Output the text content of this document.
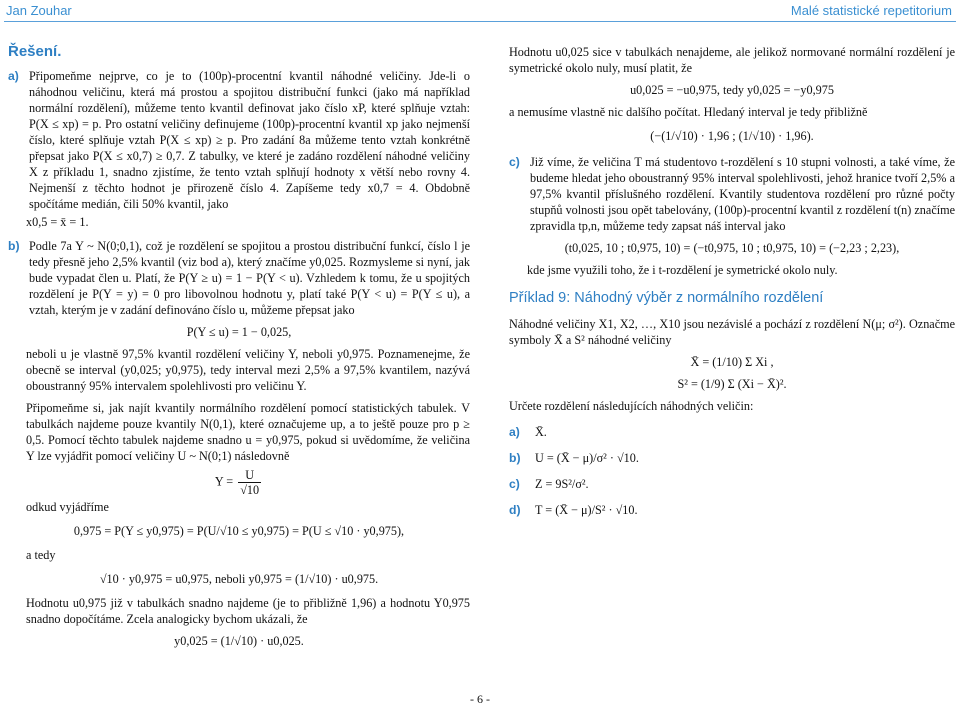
Jan Zouhar	Malé statistické repetitorium
Řešení.
a) Připomeňme nejprve, co je to (100p)-procentní kvantil náhodné veličiny. Jde-li o náhodnou veličinu, která má prostou a spojitou distribuční funkci (jako má například normální rozdělení), můžeme tento kvantil definovat jako číslo xP, které splňuje vztah: P(X ≤ xp) = p. Pro ostatní veličiny definujeme (100p)-procentní kvantil xp jako nejmenší číslo, které splňuje vztah P(X ≤ xp) ≥ p. Pro zadání 8a můžeme tento vztah konkrétně přepsat jako P(X ≤ x0,7) ≥ 0,7. Z tabulky, ve které je zadáno rozdělení náhodné veličiny X z příkladu 1, snadno zjistíme, že tento vztah splňují hodnoty x větší nebo rovny 4. Nejmenší z těchto hodnot je přirozeně číslo 4. Zapíšeme tedy x0,7 = 4. Obdobně spočítáme medián, čili 50% kvantil, jako
x0,5 = x̄ = 1.
b) Podle 7a Y ~ N(0;0,1), což je rozdělení se spojitou a prostou distribuční funkcí, číslo l je tedy přesně jeho 2,5% kvantil (viz bod a), který značíme y0,025. Rozmysleme si nyní, jak bude vypadat člen u. Platí, že P(Y ≥ u) = 1 − P(Y < u). Vzhledem k tomu, že u spojitých rozdělení je P(Y = y) = 0 pro libovolnou hodnotu y, platí také P(Y < u) = P(Y ≤ u), a vztah, kterým je v zadání definováno číslo u, můžeme přepsat jako
P(Y ≤ u) = 1 − 0,025,
neboli u je vlastně 97,5% kvantil rozdělení veličiny Y, neboli y0,975. Poznamenejme, že obecně se interval (y0,025; y0,975), tedy interval mezi 2,5% a 97,5% kvantilem, nazývá oboustranný 95% intervalem spolehlivosti pro veličinu Y.
Připomeňme si, jak najít kvantily normálního rozdělení pomocí statistických tabulek. V tabulkách najdeme pouze kvantily N(0,1), které označujeme up, a to ještě pouze pro p ≥ 0,5. Pomocí těchto tabulek najdeme snadno u = y0,975, pokud si uvědomíme, že veličina Y lze vyjádřit pomocí veličiny U ~ N(0;1) následovně
$Y = \frac{U}{√10}$
odkud vyjádříme
0,975 = P(Y ≤ y0,975) = P(U/√10 ≤ y0,975) = P(U ≤ √10 · y0,975),
a tedy
√10 · y0,975 = u0,975, neboli y0,975 = (1/√10) · u0,975.
Hodnotu u0,975 již v tabulkách snadno najdeme (je to přibližně 1,96) a hodnotu Y0,975 snadno dopočítáme. Zcela analogicky bychom ukázali, že
y0,025 = (1/√10) · u0,025.
Hodnotu u0,025 sice v tabulkách nenajdeme, ale jelikož normované normální rozdělení je symetrické okolo nuly, musí platit, že
u0,025 = −u0,975, tedy y0,025 = −y0,975
a nemusíme vlastně nic dalšího počítat. Hledaný interval je tedy přibližně
(−(1/√10) · 1,96 ; (1/√10) · 1,96).
c) Již víme, že veličina T má studentovo t-rozdělení s 10 stupni volnosti, a také víme, že budeme hledat jeho oboustranný 95% interval spolehlivosti, jehož hranice tvoří 2,5% a 97,5% kvantil příslušného rozdělení. Kvantily studentova rozdělení pro různé počty stupňů volnosti jsou opět tabelovány, (100p)-procentní kvantil z rozdělení t(n) značíme zpravidla tp,n, můžeme tedy zapsat náš interval jako
(t0,025, 10 ; t0,975, 10) = (−t0,975, 10 ; t0,975, 10) = (−2,23 ; 2,23),
kde jsme využili toho, že i t-rozdělení je symetrické okolo nuly.
Příklad 9: Náhodný výběr z normálního rozdělení
Náhodné veličiny X1, X2, …, X10 jsou nezávislé a pochází z rozdělení N(μ; σ²). Označme symboly X̄ a S² náhodné veličiny
X̄ = (1/10) Σ Xi ,
S² = (1/9) Σ (Xi − X̄)².
Určete rozdělení následujících náhodných veličin:
a)	X̄.
b)	U = (X̄ − μ)/σ² · √10.
c)	Z = 9S²/σ².
d)	T = (X̄ − μ)/S² · √10.
- 6 -
